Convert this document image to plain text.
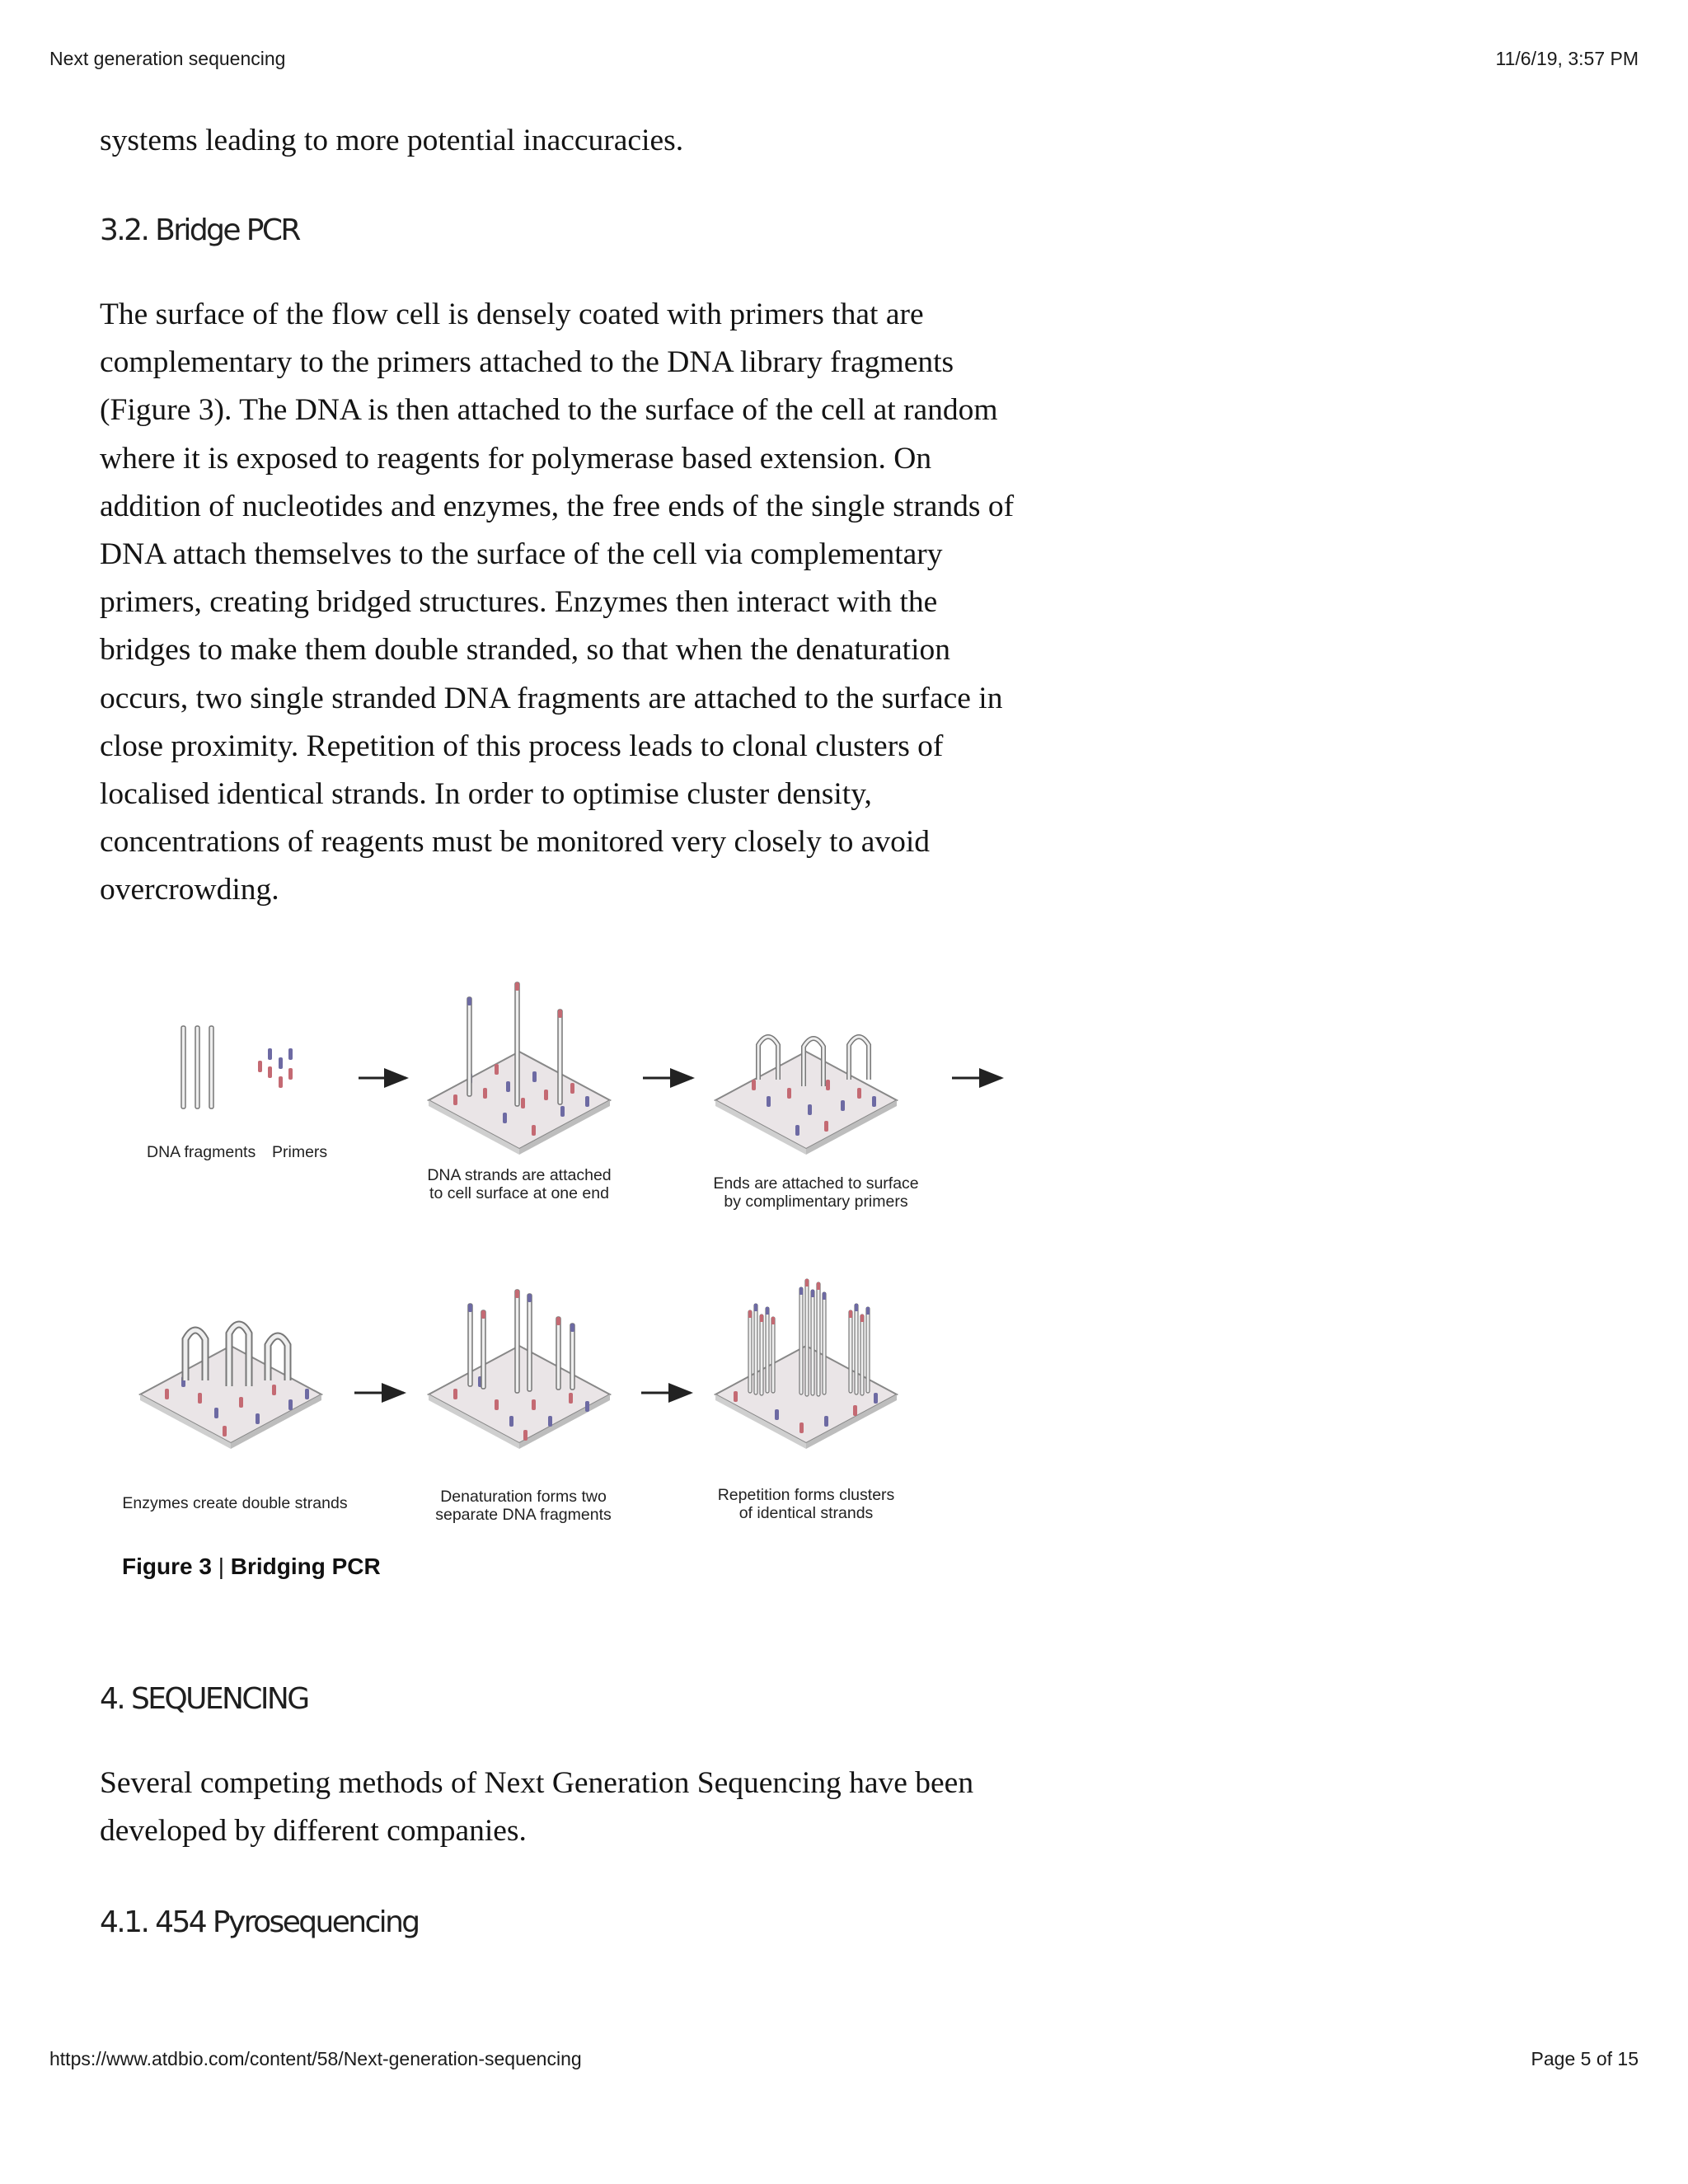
Next generation sequencing	11/6/19, 3:57 PM

systems leading to more potential inaccuracies.

3.2. Bridge PCR

The surface of the flow cell is densely coated with primers that are
complementary to the primers attached to the DNA library fragments
(Figure 3). The DNA is then attached to the surface of the cell at random
where it is exposed to reagents for polymerase based extension. On
addition of nucleotides and enzymes, the free ends of the single strands of
DNA attach themselves to the surface of the cell via complementary
primers, creating bridged structures. Enzymes then interact with the
bridges to make them double stranded, so that when the denaturation
occurs, two single stranded DNA fragments are attached to the surface in
close proximity. Repetition of this process leads to clonal clusters of
localised identical strands. In order to optimise cluster density,
concentrations of reagents must be monitored very closely to avoid
overcrowding.

4. SEQUENCING

Several competing methods of Next Generation Sequencing have been
developed by different companies.

4.1. 454 Pyrosequencing
DNA fragments Primers
DNA strands are attached
to cell surface at one end
Ends are attached to surface
by complimentary primers
Enzymes create double strands	Denaturation forms two
separate DNA fragments
Repetition forms clusters
of identical strands
Figure 3 | Bridging PCR
https://www.atdbio.com/content/58/Next-generation-sequencing	Page 5 of 15
